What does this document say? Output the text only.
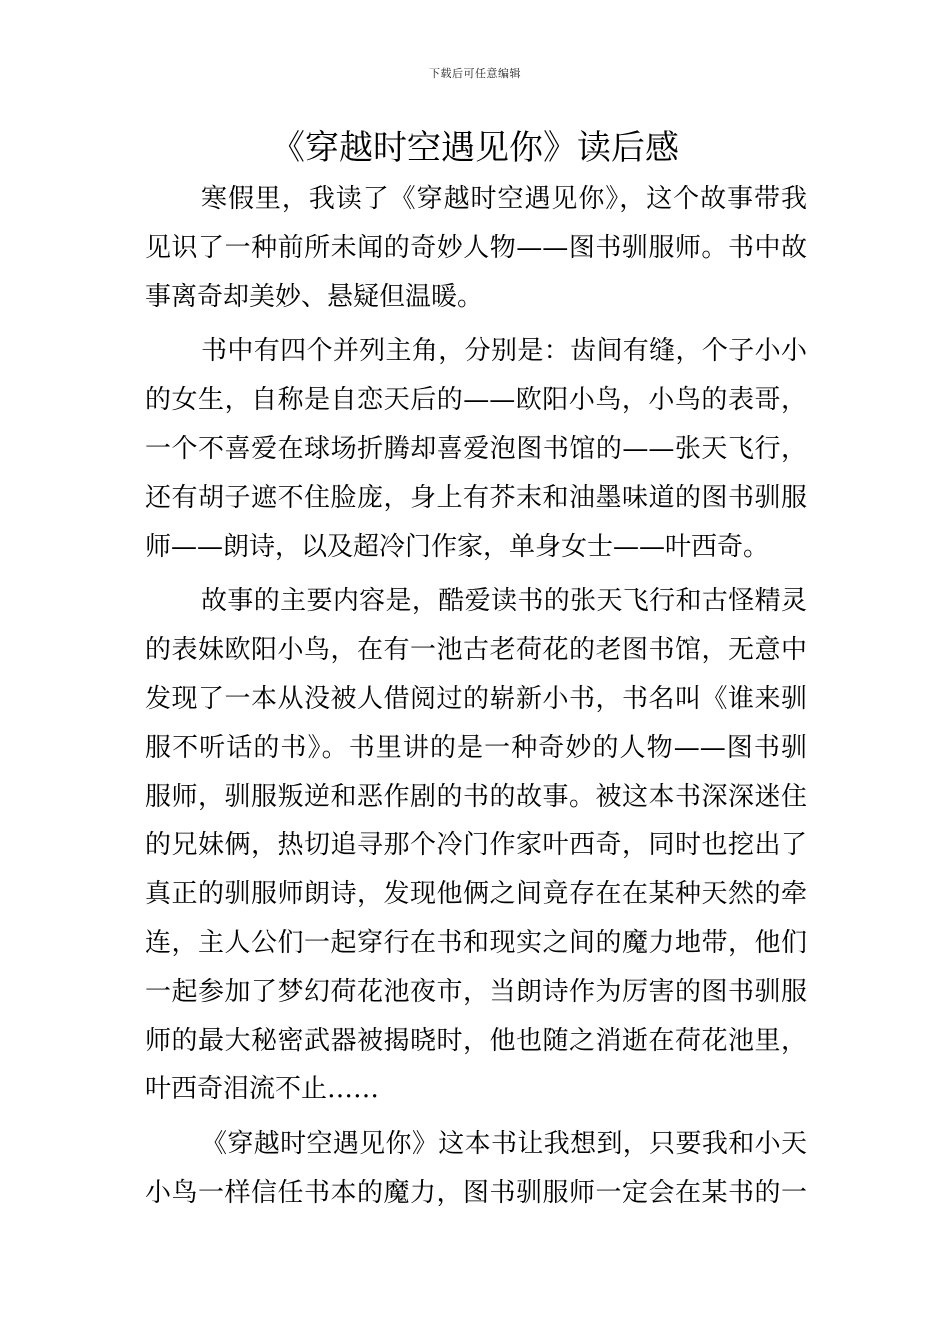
下载后可任意编辑
《穿越时空遇见你》读后感
寒假里，我读了《穿越时空遇见你》，这个故事带我
见识了一种前所未闻的奇妙人物——图书驯服师。书中故
事离奇却美妙、悬疑但温暖。
书中有四个并列主角，分别是：齿间有缝，个子小小
的女生，自称是自恋天后的——欧阳小鸟，小鸟的表哥，
一个不喜爱在球场折腾却喜爱泡图书馆的——张天飞行，
还有胡子遮不住脸庞，身上有芥末和油墨味道的图书驯服
师——朗诗，以及超冷门作家，单身女士——叶西奇。
故事的主要内容是，酷爱读书的张天飞行和古怪精灵
的表妹欧阳小鸟，在有一池古老荷花的老图书馆，无意中
发现了一本从没被人借阅过的崭新小书，书名叫《谁来驯
服不听话的书》。书里讲的是一种奇妙的人物——图书驯
服师，驯服叛逆和恶作剧的书的故事。被这本书深深迷住
的兄妹俩，热切追寻那个冷门作家叶西奇，同时也挖出了
真正的驯服师朗诗，发现他俩之间竟存在在某种天然的牵
连，主人公们一起穿行在书和现实之间的魔力地带，他们
一起参加了梦幻荷花池夜市，当朗诗作为厉害的图书驯服
师的最大秘密武器被揭晓时，他也随之消逝在荷花池里，
叶西奇泪流不止……
《穿越时空遇见你》这本书让我想到，只要我和小天
小鸟一样信任书本的魔力，图书驯服师一定会在某书的一
